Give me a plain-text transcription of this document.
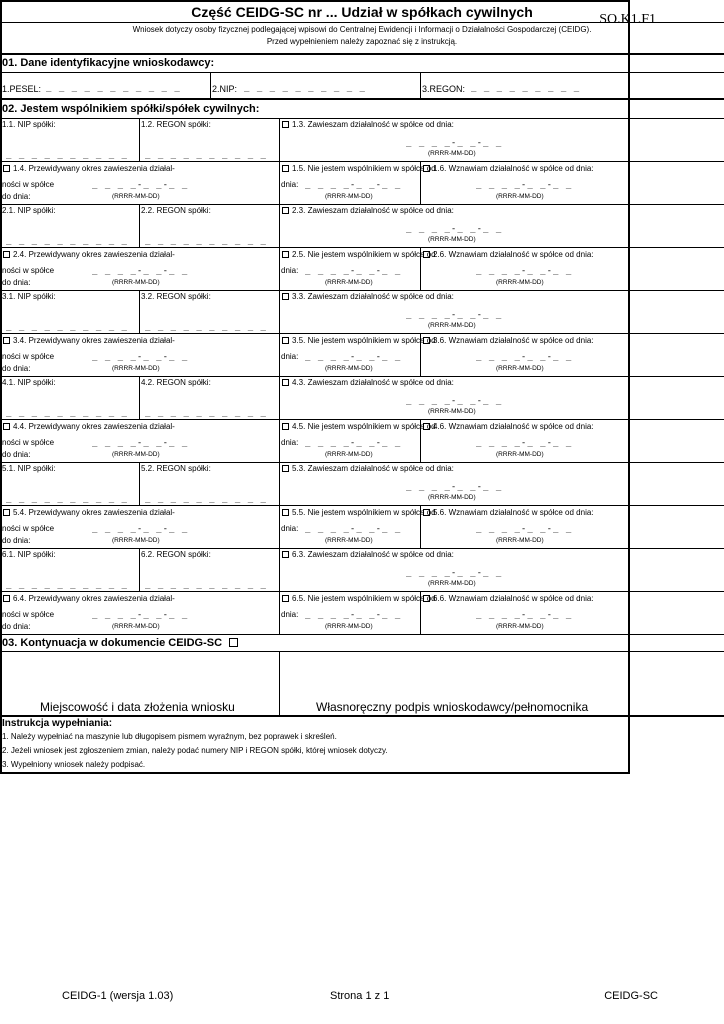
SO.K1.F1
Część CEIDG-SC nr ... Udział w spółkach cywilnych
Wniosek dotyczy osoby fizycznej podlegającej wpisowi do Centralnej Ewidencji i Informacji o Działalności Gospodarczej (CEIDG).
Przed wypełnieniem należy zapoznać się z instrukcją.
01. Dane identyfikacyjne wnioskodawcy:
1.PESEL: _ _ _ _ _ _ _ _ _ _ _	2.NIP: _ _ _ _ _ _ _ _ _ _	3.REGON: _ _ _ _ _ _ _ _ _
02. Jestem wspólnikiem spółki/spółek cywilnych:
1.1. NIP spółki:
_ _ _ _ _ _ _ _ _ _
1.2. REGON spółki:
_ _ _ _ _ _ _ _ _ _
1.3. Zawieszam działalność w spółce od dnia:
_ _ _ _-_ _-_ _
(RRRR-MM-DD)
1.4. Przewidywany okres zawieszenia działal-
ności w spółce
do dnia:
_ _ _ _-_ _-_ _
(RRRR-MM-DD)
1.5. Nie jestem wspólnikiem w spółce od
dnia: _ _ _ _-_ _-_ _
(RRRR-MM-DD)
1.6. Wznawiam działalność w spółce od dnia:
_ _ _ _-_ _-_ _
(RRRR-MM-DD)
2.1. NIP spółki:
_ _ _ _ _ _ _ _ _ _
2.2. REGON spółki:
_ _ _ _ _ _ _ _ _ _
2.3. Zawieszam działalność w spółce od dnia:
_ _ _ _-_ _-_ _
(RRRR-MM-DD)
2.4. Przewidywany okres zawieszenia działal-
ności w spółce
do dnia:
_ _ _ _-_ _-_ _
(RRRR-MM-DD)
2.5. Nie jestem wspólnikiem w spółce od
dnia: _ _ _ _-_ _-_ _
(RRRR-MM-DD)
2.6. Wznawiam działalność w spółce od dnia:
_ _ _ _-_ _-_ _
(RRRR-MM-DD)
3.1. NIP spółki:
_ _ _ _ _ _ _ _ _ _
3.2. REGON spółki:
_ _ _ _ _ _ _ _ _ _
3.3. Zawieszam działalność w spółce od dnia:
_ _ _ _-_ _-_ _
(RRRR-MM-DD)
3.4. Przewidywany okres zawieszenia działal-
ności w spółce
do dnia:
_ _ _ _-_ _-_ _
(RRRR-MM-DD)
3.5. Nie jestem wspólnikiem w spółce od
dnia: _ _ _ _-_ _-_ _
(RRRR-MM-DD)
3.6. Wznawiam działalność w spółce od dnia:
_ _ _ _-_ _-_ _
(RRRR-MM-DD)
4.1. NIP spółki:
_ _ _ _ _ _ _ _ _ _
4.2. REGON spółki:
_ _ _ _ _ _ _ _ _ _
4.3. Zawieszam działalność w spółce od dnia:
_ _ _ _-_ _-_ _
(RRRR-MM-DD)
4.4. Przewidywany okres zawieszenia działal-
ności w spółce
do dnia:
_ _ _ _-_ _-_ _
(RRRR-MM-DD)
4.5. Nie jestem wspólnikiem w spółce od
dnia: _ _ _ _-_ _-_ _
(RRRR-MM-DD)
4.6. Wznawiam działalność w spółce od dnia:
_ _ _ _-_ _-_ _
(RRRR-MM-DD)
5.1. NIP spółki:
_ _ _ _ _ _ _ _ _ _
5.2. REGON spółki:
_ _ _ _ _ _ _ _ _ _
5.3. Zawieszam działalność w spółce od dnia:
_ _ _ _-_ _-_ _
(RRRR-MM-DD)
5.4. Przewidywany okres zawieszenia działal-
ności w spółce
do dnia:
_ _ _ _-_ _-_ _
(RRRR-MM-DD)
5.5. Nie jestem wspólnikiem w spółce od
dnia: _ _ _ _-_ _-_ _
(RRRR-MM-DD)
5.6. Wznawiam działalność w spółce od dnia:
_ _ _ _-_ _-_ _
(RRRR-MM-DD)
6.1. NIP spółki:
_ _ _ _ _ _ _ _ _ _
6.2. REGON spółki:
_ _ _ _ _ _ _ _ _ _
6.3. Zawieszam działalność w spółce od dnia:
_ _ _ _-_ _-_ _
(RRRR-MM-DD)
6.4. Przewidywany okres zawieszenia działal-
ności w spółce
do dnia:
_ _ _ _-_ _-_ _
(RRRR-MM-DD)
6.5. Nie jestem wspólnikiem w spółce od
dnia: _ _ _ _-_ _-_ _
(RRRR-MM-DD)
6.6. Wznawiam działalność w spółce od dnia:
_ _ _ _-_ _-_ _
(RRRR-MM-DD)
03. Kontynuacja w dokumencie CEIDG-SC
Miejscowość i data złożenia wniosku	Własnoręczny podpis wnioskodawcy/pełnomocnika
Instrukcja wypełniania:
1. Należy wypełniać na maszynie lub długopisem pismem wyraźnym, bez poprawek i skreśleń.
2. Jeżeli wniosek jest zgłoszeniem zmian, należy podać numery NIP i REGON spółki, której wniosek dotyczy.
3. Wypełniony wniosek należy podpisać.
CEIDG-1 (wersja 1.03)	Strona 1 z 1	CEIDG-SC
